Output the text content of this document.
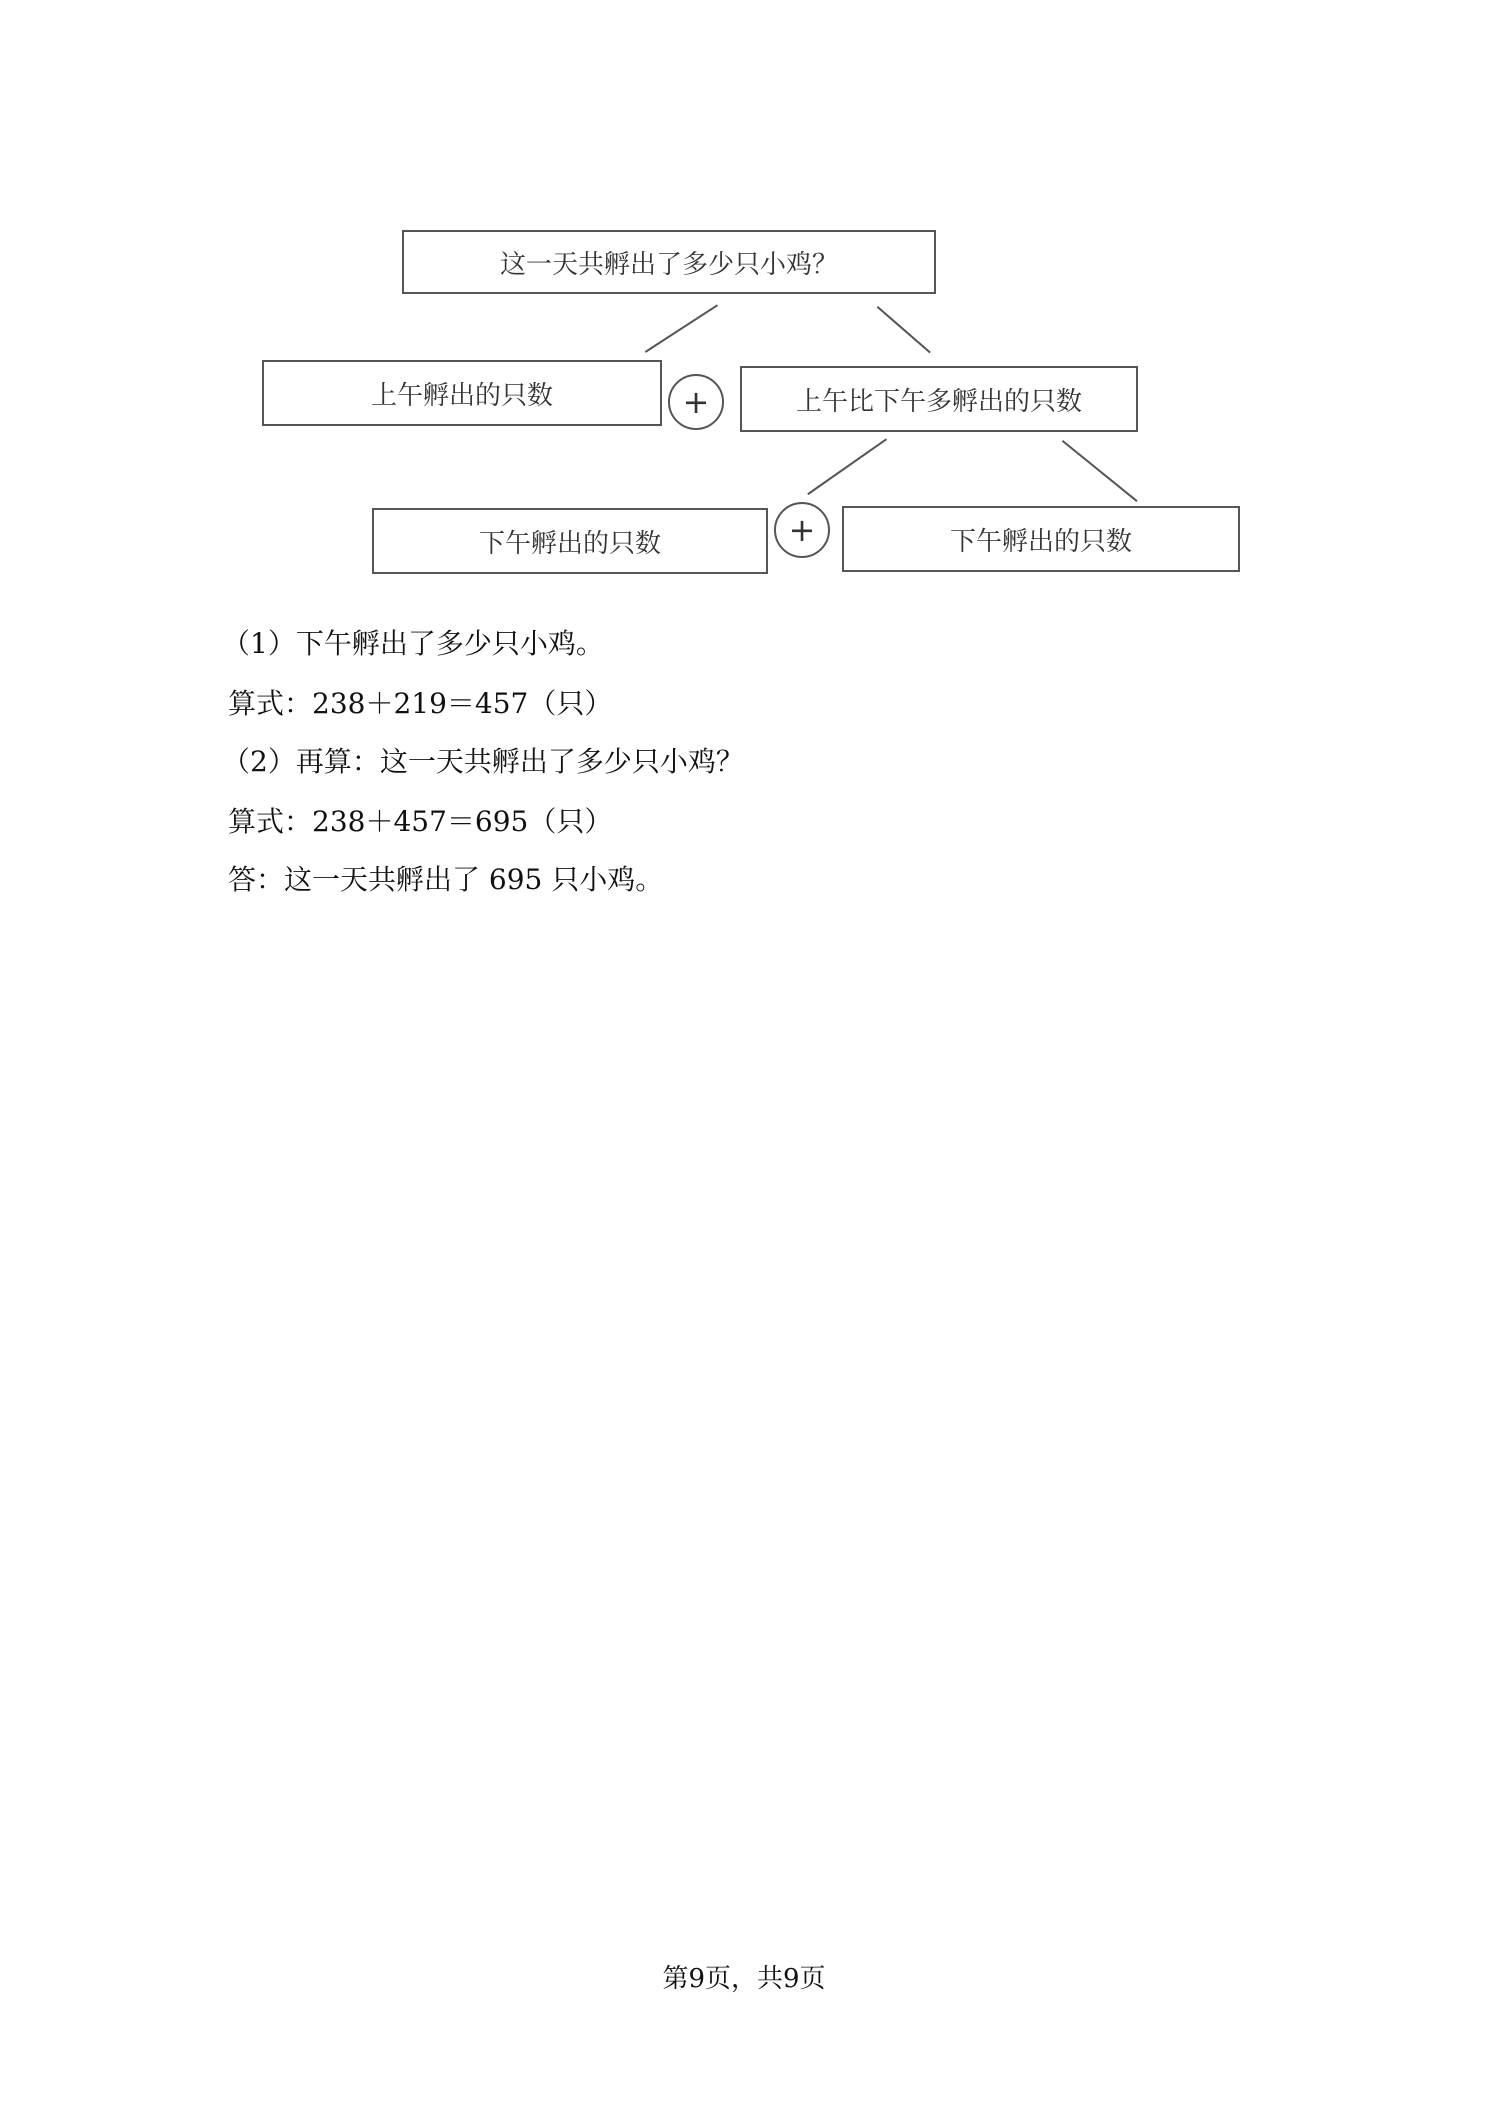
这一天共孵出了多少只小鸡？
上午孵出的只数	+	上午比下午多孵出的只数
下午孵出的只数	+	下午孵出的只数
（1）下午孵出了多少只小鸡。
算式：238＋219＝457（只）
（2）再算：这一天共孵出了多少只小鸡？
算式：238＋457＝695（只）
答：这一天共孵出了 695 只小鸡。
第9页，共9页
